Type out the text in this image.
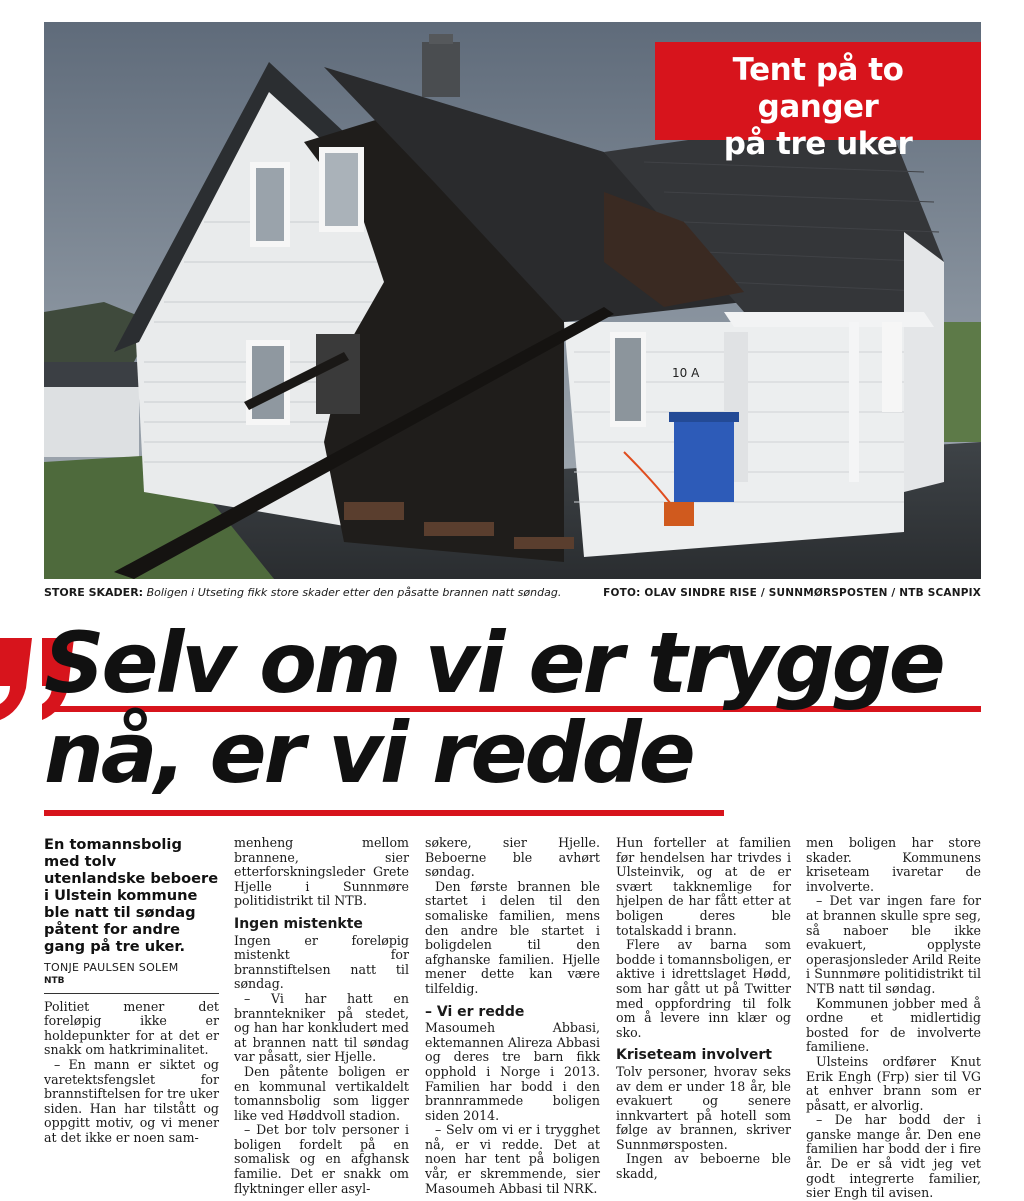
10 A
Tent på to ganger
på tre uker
STORE SKADER: Boligen i Utseting fikk store skader etter den påsatte brannen natt søndag.	FOTO: OLAV SINDRE RISE / SUNNMØRSPOSTEN / NTB SCANPIX
Selv om vi er trygge
nå, er vi redde

En tomannsbolig med tolv utenlandske beboere i Ulstein kommune ble natt til søndag påtent for andre gang på tre uker.

TONJE PAULSEN SOLEM
NTB

Politiet mener det foreløpig ikke er holdepunkter for at det er snakk om hatkriminalitet.

– En mann er siktet og varetektsfengslet for brannstiftelsen for tre uker siden. Han har tilstått og oppgitt motiv, og vi mener at det ikke er noen sam-

menheng mellom brannene, sier etterforskningsleder Grete Hjelle i Sunnmøre politidistrikt til NTB.

Ingen mistenkte

Ingen er foreløpig mistenkt for brannstiftelsen natt til søndag.

– Vi har hatt en branntekniker på stedet, og han har konkludert med at brannen natt til søndag var påsatt, sier Hjelle.

Den påtente boligen er en kommunal vertikaldelt tomannsbolig som ligger like ved Høddvoll stadion.

– Det bor tolv personer i boligen fordelt på en somalisk og en afghansk familie. Det er snakk om flyktninger eller asyl-

søkere, sier Hjelle. Beboerne ble avhørt søndag.

Den første brannen ble startet i delen til den somaliske familien, mens den andre ble startet i boligdelen til den afghanske familien. Hjelle mener dette kan være tilfeldig.

– Vi er redde

Masoumeh Abbasi, ektemannen Alireza Abbasi og deres tre barn fikk opphold i Norge i 2013. Familien har bodd i den brannrammede boligen siden 2014.

– Selv om vi er i trygghet nå, er vi redde. Det at noen har tent på boligen vår, er skremmende, sier Masoumeh Abbasi til NRK.

Hun forteller at familien før hendelsen har trivdes i Ulsteinvik, og at de er svært takknemlige for hjelpen de har fått etter at boligen deres ble totalskadd i brann.

Flere av barna som bodde i tomannsboligen, er aktive i idrettslaget Hødd, som har gått ut på Twitter med oppfordring til folk om å levere inn klær og sko.

Kriseteam involvert

Tolv personer, hvorav seks av dem er under 18 år, ble evakuert og senere innkvartert på hotell som følge av brannen, skriver Sunnmørsposten.

Ingen av beboerne ble skadd,

men boligen har store skader. Kommunens kriseteam ivaretar de involverte.

– Det var ingen fare for at brannen skulle spre seg, så naboer ble ikke evakuert, opplyste operasjonsleder Arild Reite i Sunnmøre politidistrikt til NTB natt til søndag.

Kommunen jobber med å ordne et midlertidig bosted for de involverte familiene.

Ulsteins ordfører Knut Erik Engh (Frp) sier til VG at enhver brann som er påsatt, er alvorlig.

– De har bodd der i ganske mange år. Den ene familien har bodd der i fire år. De er så vidt jeg vet godt integrerte familier, sier Engh til avisen.
